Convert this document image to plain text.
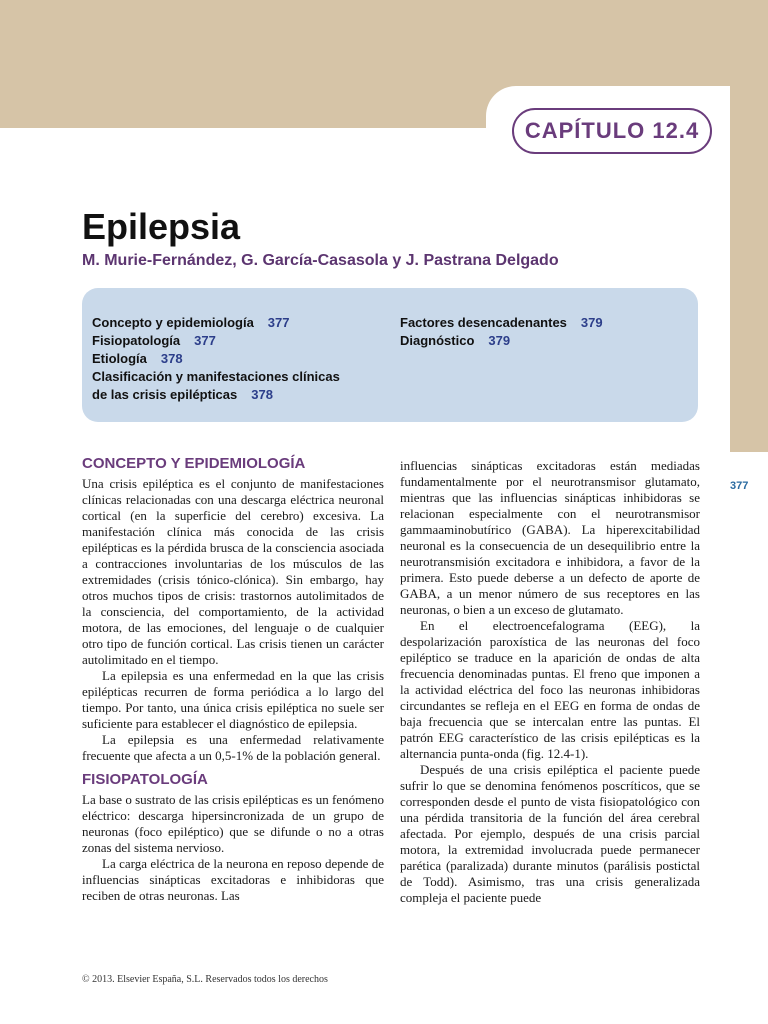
CAPÍTULO 12.4
Epilepsia

M. Murie-Fernández, G. García-Casasola y J. Pastrana Delgado

Concepto y epidemiología 377
Fisiopatología 377
Etiología 378
Clasificación y manifestaciones clínicas
de las crisis epilépticas 378
Factores desencadenantes 379
Diagnóstico 379
377
CONCEPTO Y EPIDEMIOLOGÍA

Una crisis epiléptica es el conjunto de manifestaciones clínicas relacionadas con una descarga eléctrica neuronal cortical (en la superficie del cerebro) excesiva. La manifestación clínica más conocida de las crisis epilépticas es la pérdida brusca de la consciencia asociada a contracciones involuntarias de los músculos de las extremidades (crisis tónico-clónica). Sin embargo, hay otros muchos tipos de crisis: trastornos autolimitados de la consciencia, del comportamiento, de la actividad motora, de las emociones, del lenguaje o de cualquier otro tipo de función cortical. Las crisis tienen un carácter autolimitado en el tiempo.

La epilepsia es una enfermedad en la que las crisis epilépticas recurren de forma periódica a lo largo del tiempo. Por tanto, una única crisis epiléptica no suele ser suficiente para establecer el diagnóstico de epilepsia.

La epilepsia es una enfermedad relativamente frecuente que afecta a un 0,5-1% de la población general.

FISIOPATOLOGÍA

La base o sustrato de las crisis epilépticas es un fenómeno eléctrico: descarga hipersincronizada de un grupo de neuronas (foco epiléptico) que se difunde o no a otras zonas del sistema nervioso.

La carga eléctrica de la neurona en reposo depende de influencias sinápticas excitadoras e inhibidoras que reciben de otras neuronas. Las

influencias sinápticas excitadoras están mediadas fundamentalmente por el neurotransmisor glutamato, mientras que las influencias sinápticas inhibidoras se relacionan especialmente con el neurotransmisor gammaaminobutírico (GABA). La hiperexcitabilidad neuronal es la consecuencia de un desequilibrio entre la neurotransmisión excitadora e inhibidora, a favor de la primera. Esto puede deberse a un defecto de aporte de GABA, a un menor número de sus receptores en las neuronas, o bien a un exceso de glutamato.

En el electroencefalograma (EEG), la despolarización paroxística de las neuronas del foco epiléptico se traduce en la aparición de ondas de alta frecuencia denominadas puntas. El freno que imponen a la actividad eléctrica del foco las neuronas inhibidoras circundantes se refleja en el EEG en forma de ondas de baja frecuencia que se intercalan entre las puntas. El patrón EEG característico de las crisis epilépticas es la alternancia punta-onda (fig. 12.4-1).

Después de una crisis epiléptica el paciente puede sufrir lo que se denomina fenómenos poscríticos, que se corresponden desde el punto de vista fisiopatológico con una pérdida transitoria de la función del área cerebral afectada. Por ejemplo, después de una crisis parcial motora, la extremidad involucrada puede permanecer parética (paralizada) durante minutos (parálisis postictal de Todd). Asimismo, tras una crisis generalizada compleja el paciente puede

© 2013. Elsevier España, S.L. Reservados todos los derechos
